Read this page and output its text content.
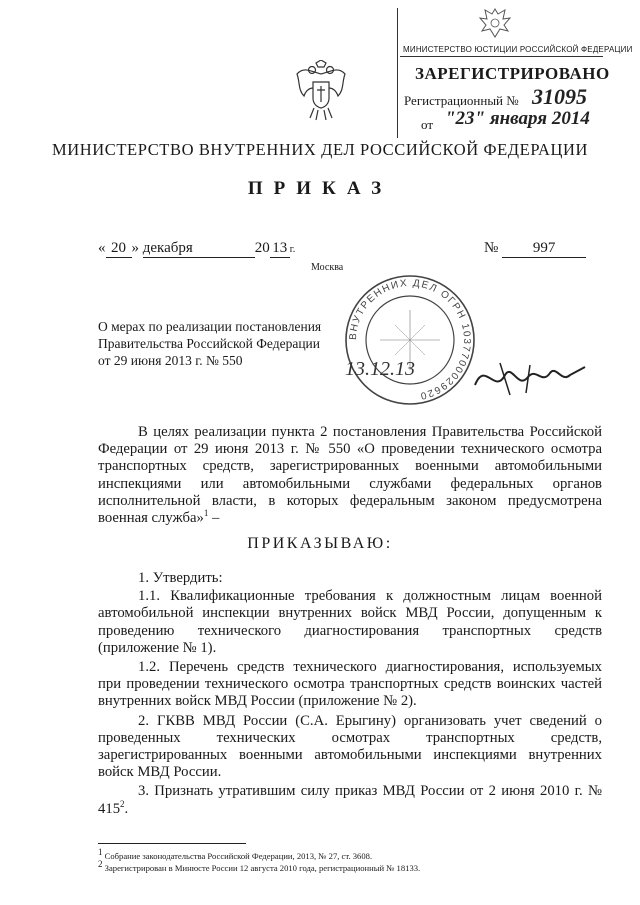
МИНИСТЕРСТВО ЮСТИЦИИ РОССИЙСКОЙ ФЕДЕРАЦИИ
ЗАРЕГИСТРИРОВАНО
Регистрационный № 31095
от "23" января 2014
МИНИСТЕРСТВО ВНУТРЕННИХ ДЕЛ РОССИЙСКОЙ ФЕДЕРАЦИИ
ПРИКАЗ
« 20 » декабря	20 13 г.	№ 997
Москва
О мерах по реализации постановления
Правительства Российской Федерации
от 29 июня 2013 г. № 550
ВНУТРЕННИХ ДЕЛ ОГРН 1037700029620
13.12.13
В целях реализации пункта 2 постановления Правительства Российской Федерации от 29 июня 2013 г. № 550 «О проведении технического осмотра транспортных средств, зарегистрированных военными автомобильными инспекциями или автомобильными службами федеральных органов исполнительной власти, в которых федеральным законом предусмотрена военная служба»$^1$ –
ПРИКАЗЫВАЮ:

1. Утвердить:

1.1. Квалификационные требования к должностным лицам военной автомобильной инспекции внутренних войск МВД России, допущенным к проведению технического диагностирования транспортных средств (приложение № 1).

1.2. Перечень средств технического диагностирования, используемых при проведении технического осмотра транспортных средств воинских частей внутренних войск МВД России (приложение № 2).

2. ГКВВ МВД России (С.А. Ерыгину) организовать учет сведений о проведенных технических осмотрах транспортных средств, зарегистрированных военными автомобильными инспекциями внутренних войск МВД России.

3. Признать утратившим силу приказ МВД России от 2 июня 2010 г. № $415^2$.

$^1$ Собрание законодательства Российской Федерации, 2013, № 27, ст. 3608.
$^2$ Зарегистрирован в Минюсте России 12 августа 2010 года, регистрационный № 18133.
